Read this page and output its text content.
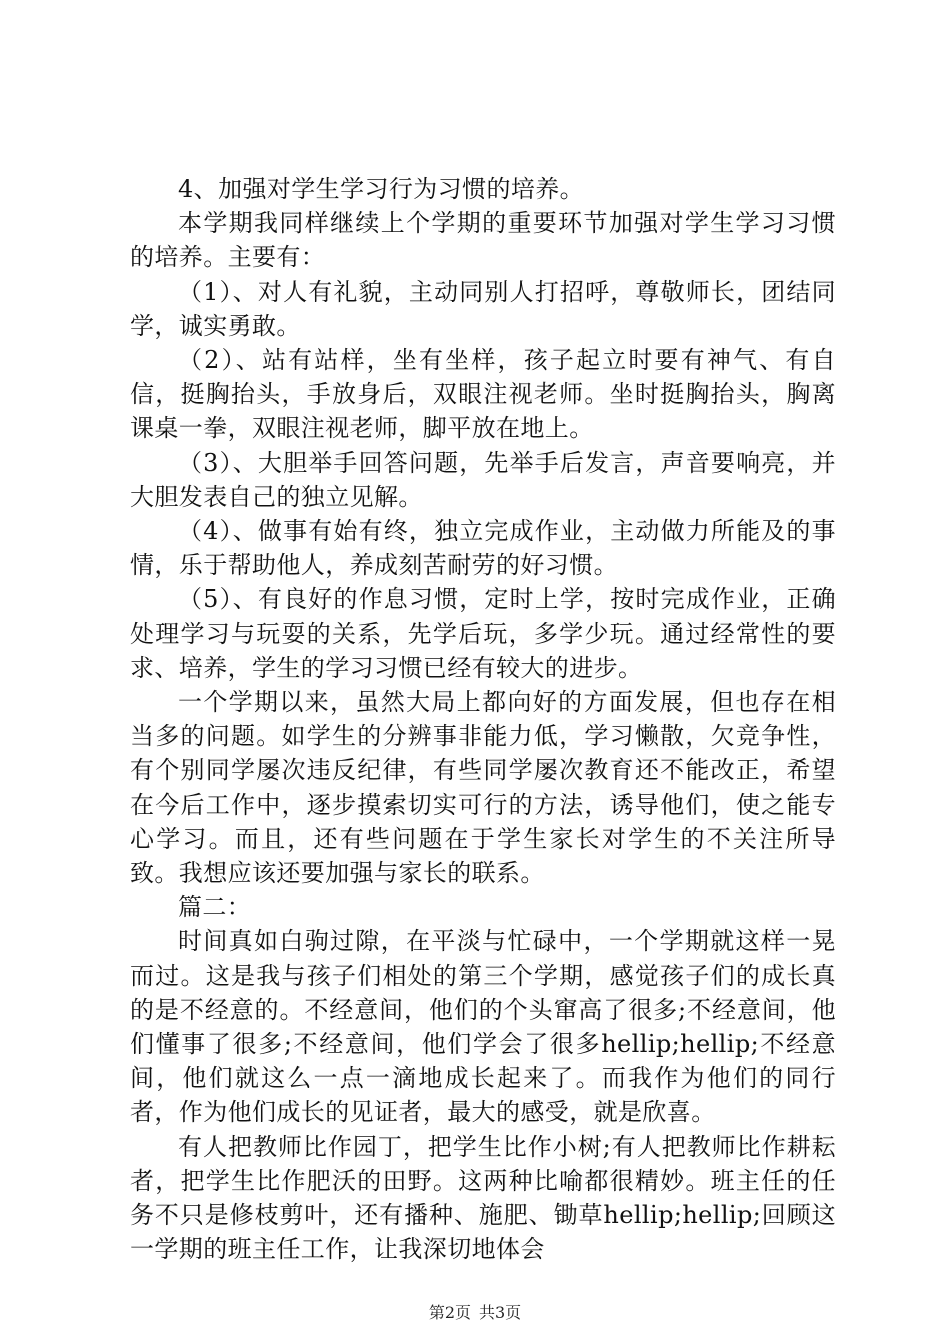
4、加强对学生学习行为习惯的培养。

本学期我同样继续上个学期的重要环节加强对学生学习习惯的培养。主要有：

（1）、对人有礼貌，主动同别人打招呼，尊敬师长，团结同学，诚实勇敢。

（2）、站有站样，坐有坐样，孩子起立时要有神气、有自信，挺胸抬头，手放身后，双眼注视老师。坐时挺胸抬头，胸离课桌一拳，双眼注视老师，脚平放在地上。

（3）、大胆举手回答问题，先举手后发言，声音要响亮，并大胆发表自己的独立见解。

（4）、做事有始有终，独立完成作业，主动做力所能及的事情，乐于帮助他人，养成刻苦耐劳的好习惯。

（5）、有良好的作息习惯，定时上学，按时完成作业，正确处理学习与玩耍的关系，先学后玩，多学少玩。通过经常性的要求、培养，学生的学习习惯已经有较大的进步。

一个学期以来，虽然大局上都向好的方面发展，但也存在相当多的问题。如学生的分辨事非能力低，学习懒散，欠竞争性，有个别同学屡次违反纪律，有些同学屡次教育还不能改正，希望在今后工作中，逐步摸索切实可行的方法，诱导他们，使之能专心学习。而且，还有些问题在于学生家长对学生的不关注所导致。我想应该还要加强与家长的联系。

篇二：

时间真如白驹过隙，在平淡与忙碌中，一个学期就这样一晃而过。这是我与孩子们相处的第三个学期，感觉孩子们的成长真的是不经意的。不经意间，他们的个头窜高了很多;不经意间，他们懂事了很多;不经意间，他们学会了很多hellip;hellip;不经意间，他们就这么一点一滴地成长起来了。而我作为他们的同行者，作为他们成长的见证者，最大的感受，就是欣喜。

有人把教师比作园丁，把学生比作小树;有人把教师比作耕耘者，把学生比作肥沃的田野。这两种比喻都很精妙。班主任的任务不只是修枝剪叶，还有播种、施肥、锄草hellip;hellip;回顾这一学期的班主任工作，让我深切地体会

第2页 共3页
